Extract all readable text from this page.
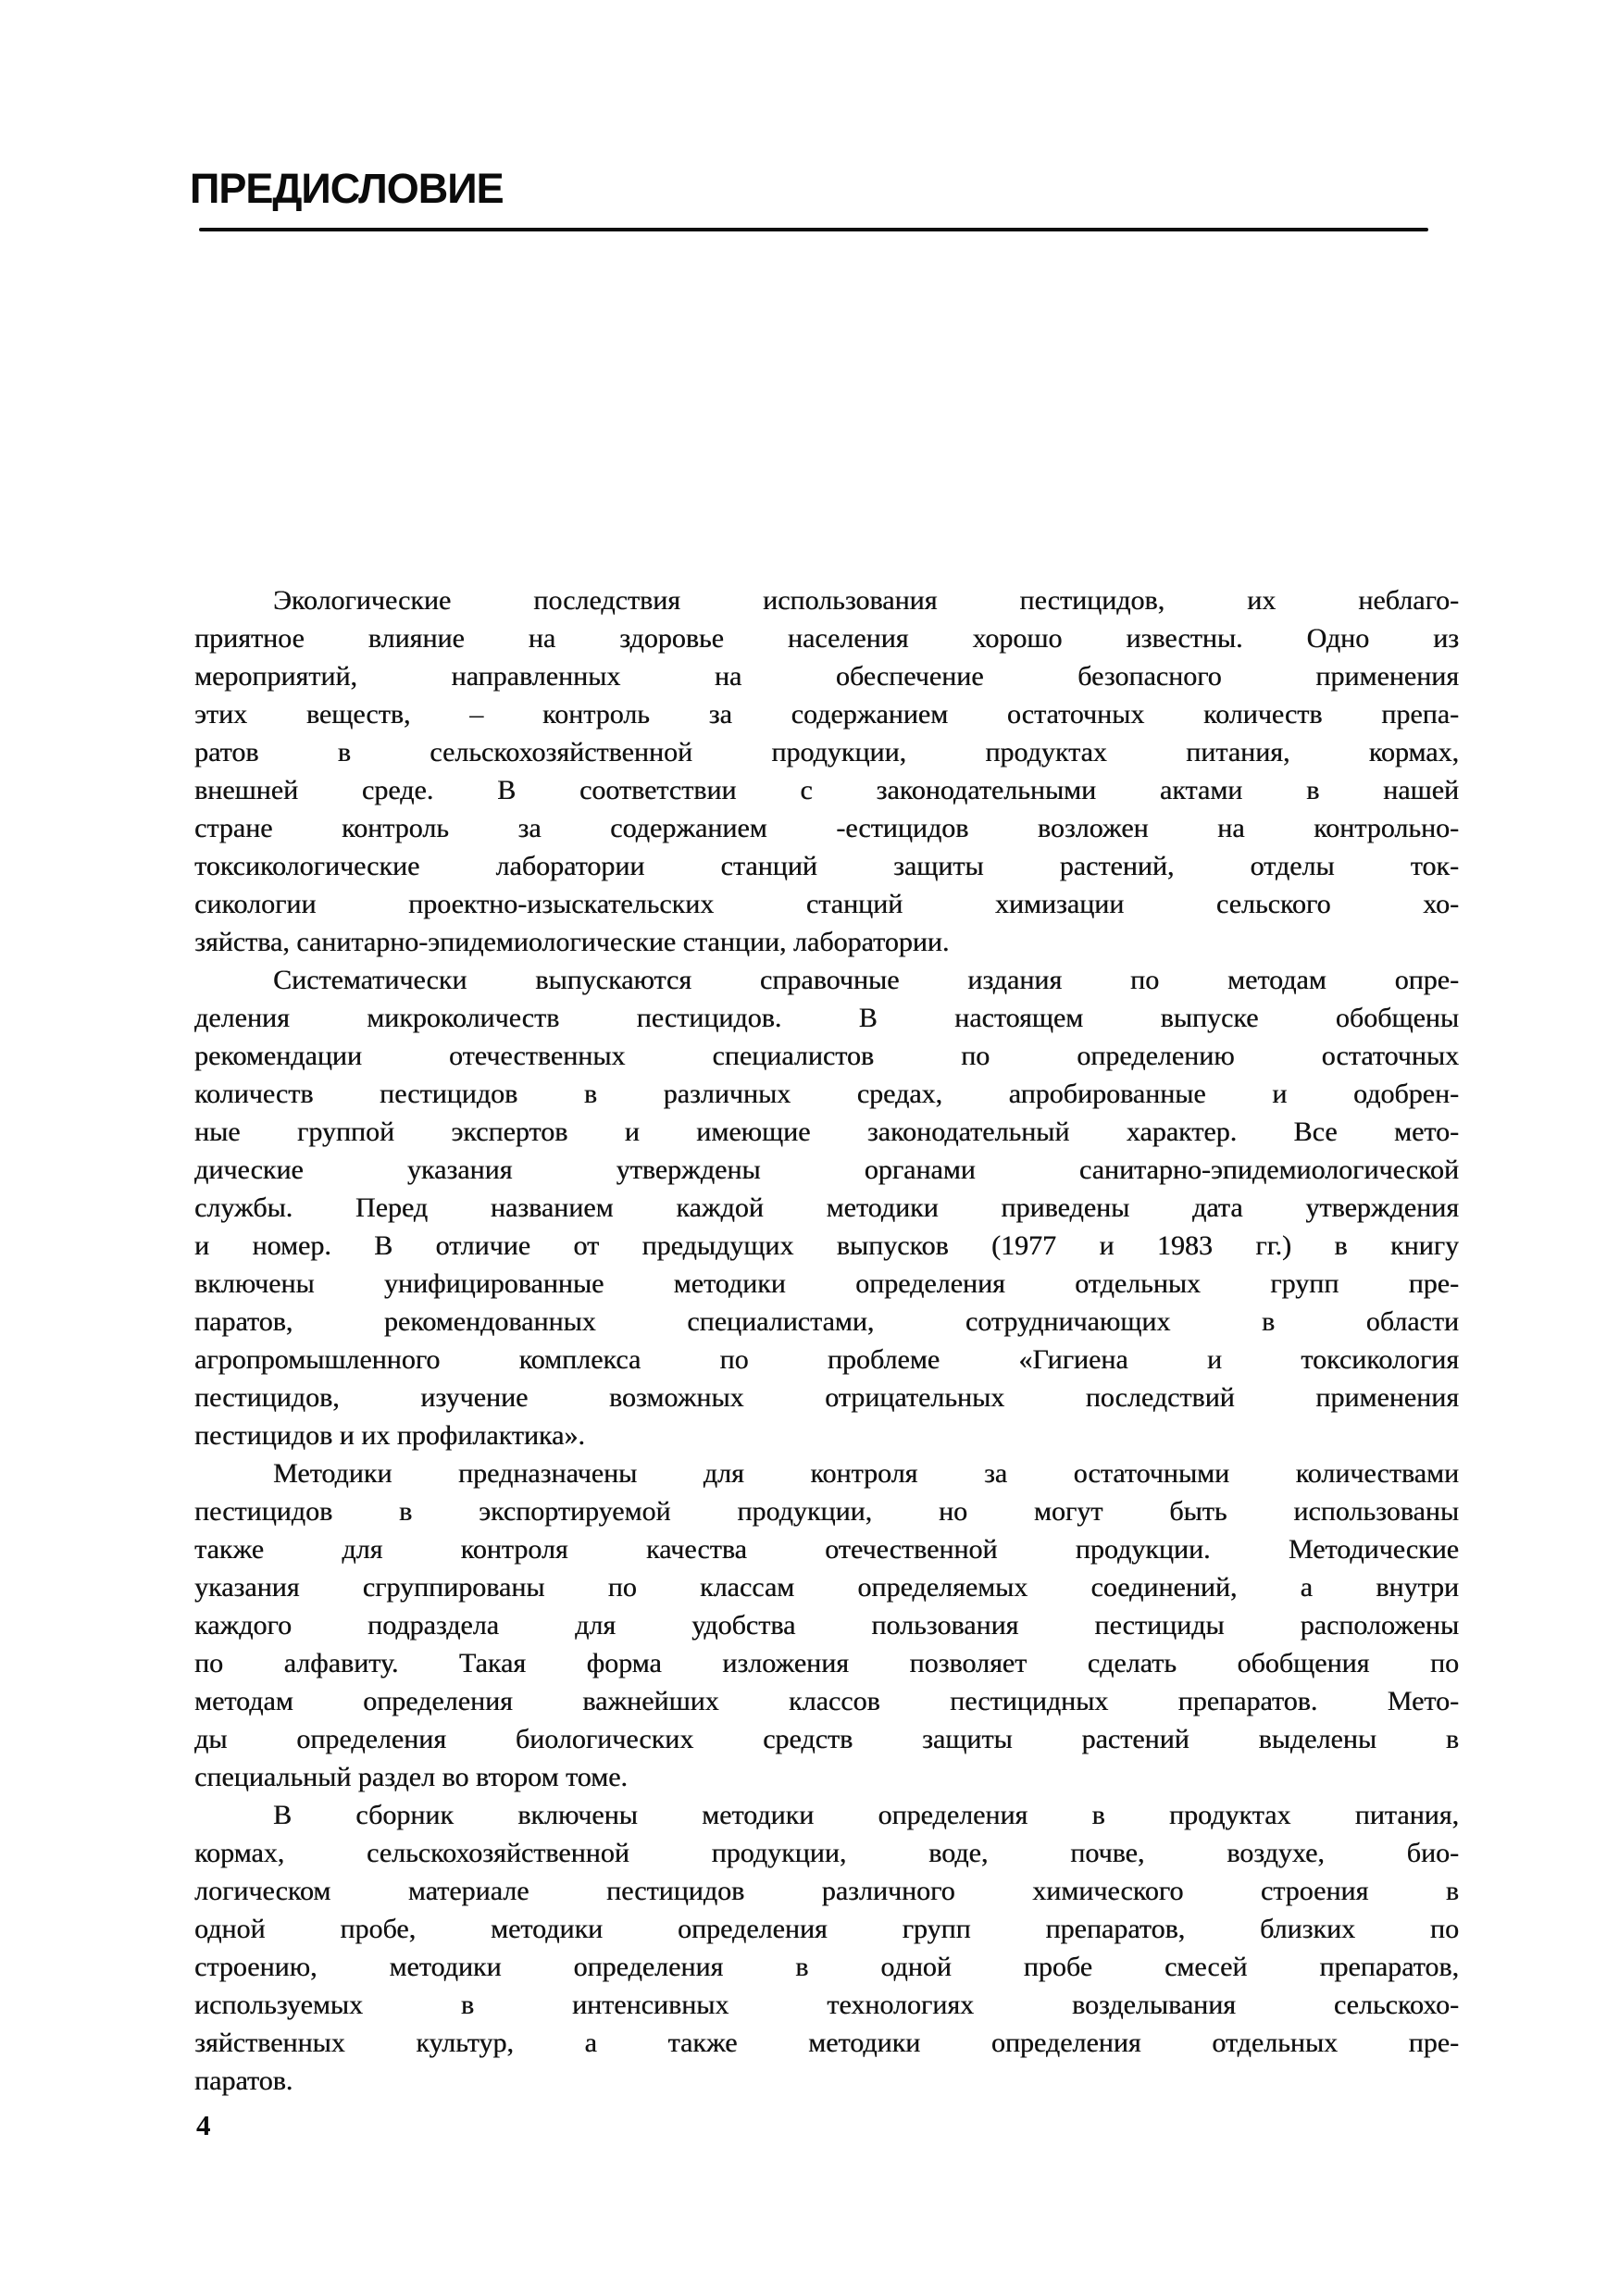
ПРЕДИСЛОВИЕ
Экологические последствия использования пестицидов, их неблаго-
приятное влияние на здоровье населения хорошо известны. Одно из
мероприятий, направленных на обеспечение безопасного применения
этих веществ, – контроль за содержанием остаточных количеств препа-
ратов в сельскохозяйственной продукции, продуктах питания, кормах,
внешней среде. В соответствии с законодательными актами в нашей
стране контроль за содержанием -естицидов возложен на контрольно-
токсикологические лаборатории станций защиты растений, отделы ток-
сикологии проектно-изыскательских станций химизации сельского хо-
зяйства, санитарно-эпидемиологические станции, лаборатории.
Систематически выпускаются справочные издания по методам опре-
деления микроколичеств пестицидов. В настоящем выпуске обобщены
рекомендации отечественных специалистов по определению остаточных
количеств пестицидов в различных средах, апробированные и одобрен-
ные группой экспертов и имеющие законодательный характер. Все мето-
дические указания утверждены органами санитарно-эпидемиологической
службы. Перед названием каждой методики приведены дата утверждения
и номер. В отличие от предыдущих выпусков (1977 и 1983 гг.) в книгу
включены унифицированные методики определения отдельных групп пре-
паратов, рекомендованных специалистами, сотрудничающих в области
агропромышленного комплекса по проблеме «Гигиена и токсикология
пестицидов, изучение возможных отрицательных последствий применения
пестицидов и их профилактика».
Методики предназначены для контроля за остаточными количествами
пестицидов в экспортируемой продукции, но могут быть использованы
также для контроля качества отечественной продукции. Методические
указания сгруппированы по классам определяемых соединений, а внутри
каждого подраздела для удобства пользования пестициды расположены
по алфавиту. Такая форма изложения позволяет сделать обобщения по
методам определения важнейших классов пестицидных препаратов. Мето-
ды определения биологических средств защиты растений выделены в
специальный раздел во втором томе.
В сборник включены методики определения в продуктах питания,
кормах, сельскохозяйственной продукции, воде, почве, воздухе, био-
логическом материале пестицидов различного химического строения в
одной пробе, методики определения групп препаратов, близких по
строению, методики определения в одной пробе смесей препаратов,
используемых в интенсивных технологиях возделывания сельскохо-
зяйственных культур, а также методики определения отдельных пре-
паратов.
4
